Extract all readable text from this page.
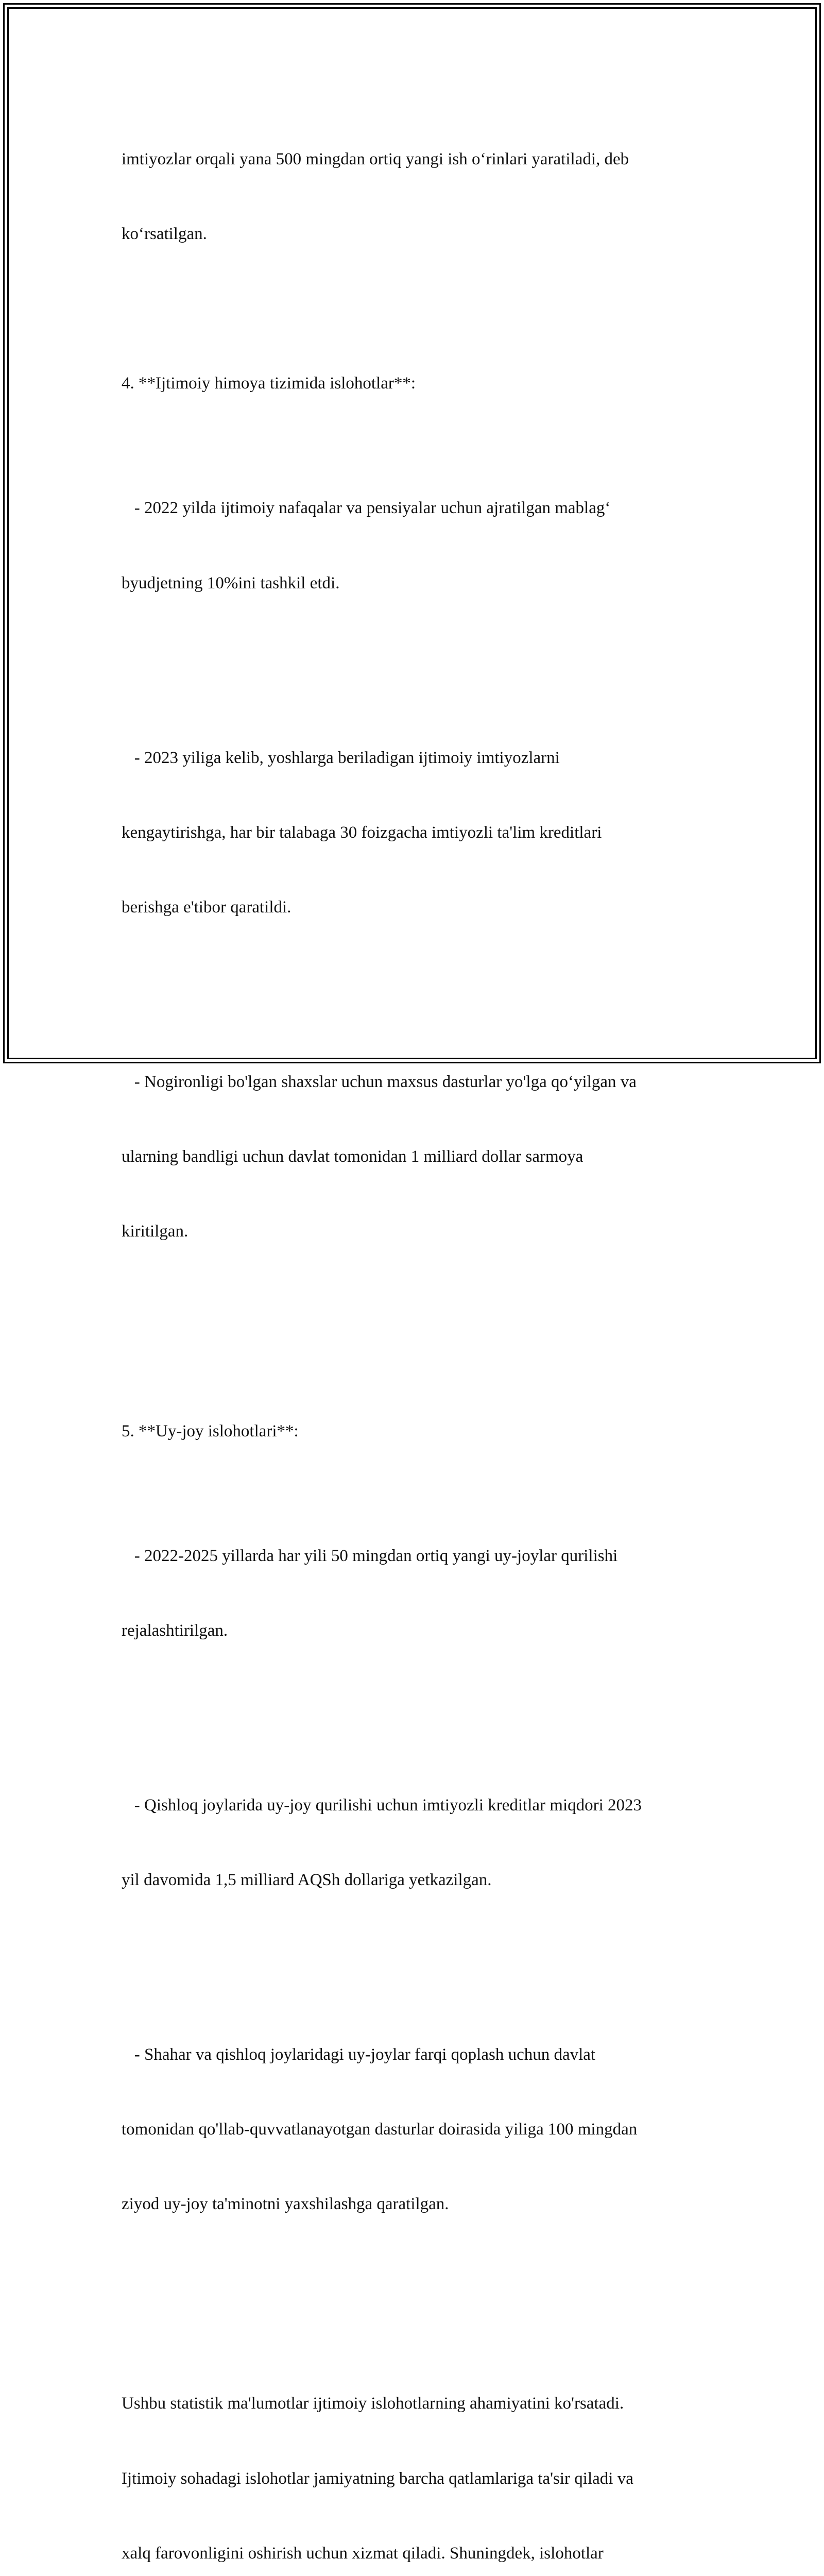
imtiyozlar orqali yana 500 mingdan ortiq yangi ish o‘rinlari yaratiladi, deb

ko‘rsatilgan.

4. **Ijtimoiy himoya tizimida islohotlar**:

- 2022 yilda ijtimoiy nafaqalar va pensiyalar uchun ajratilgan mablag‘

byudjetning 10%ini tashkil etdi.

- 2023 yiliga kelib, yoshlarga beriladigan ijtimoiy imtiyozlarni

kengaytirishga, har bir talabaga 30 foizgacha imtiyozli ta'lim kreditlari

berishga e'tibor qaratildi.

- Nogironligi bo'lgan shaxslar uchun maxsus dasturlar yo'lga qo‘yilgan va

ularning bandligi uchun davlat tomonidan 1 milliard dollar sarmoya

kiritilgan.

5. **Uy-joy islohotlari**:

- 2022-2025 yillarda har yili 50 mingdan ortiq yangi uy-joylar qurilishi

rejalashtirilgan.

- Qishloq joylarida uy-joy qurilishi uchun imtiyozli kreditlar miqdori 2023

yil davomida 1,5 milliard AQSh dollariga yetkazilgan.

- Shahar va qishloq joylaridagi uy-joylar farqi qoplash uchun davlat

tomonidan qo'llab-quvvatlanayotgan dasturlar doirasida yiliga 100 mingdan

ziyod uy-joy ta'minotni yaxshilashga qaratilgan.

Ushbu statistik ma'lumotlar ijtimoiy islohotlarning ahamiyatini ko'rsatadi.

Ijtimoiy sohadagi islohotlar jamiyatning barcha qatlamlariga ta'sir qiladi va

xalq farovonligini oshirish uchun xizmat qiladi. Shuningdek, islohotlar
